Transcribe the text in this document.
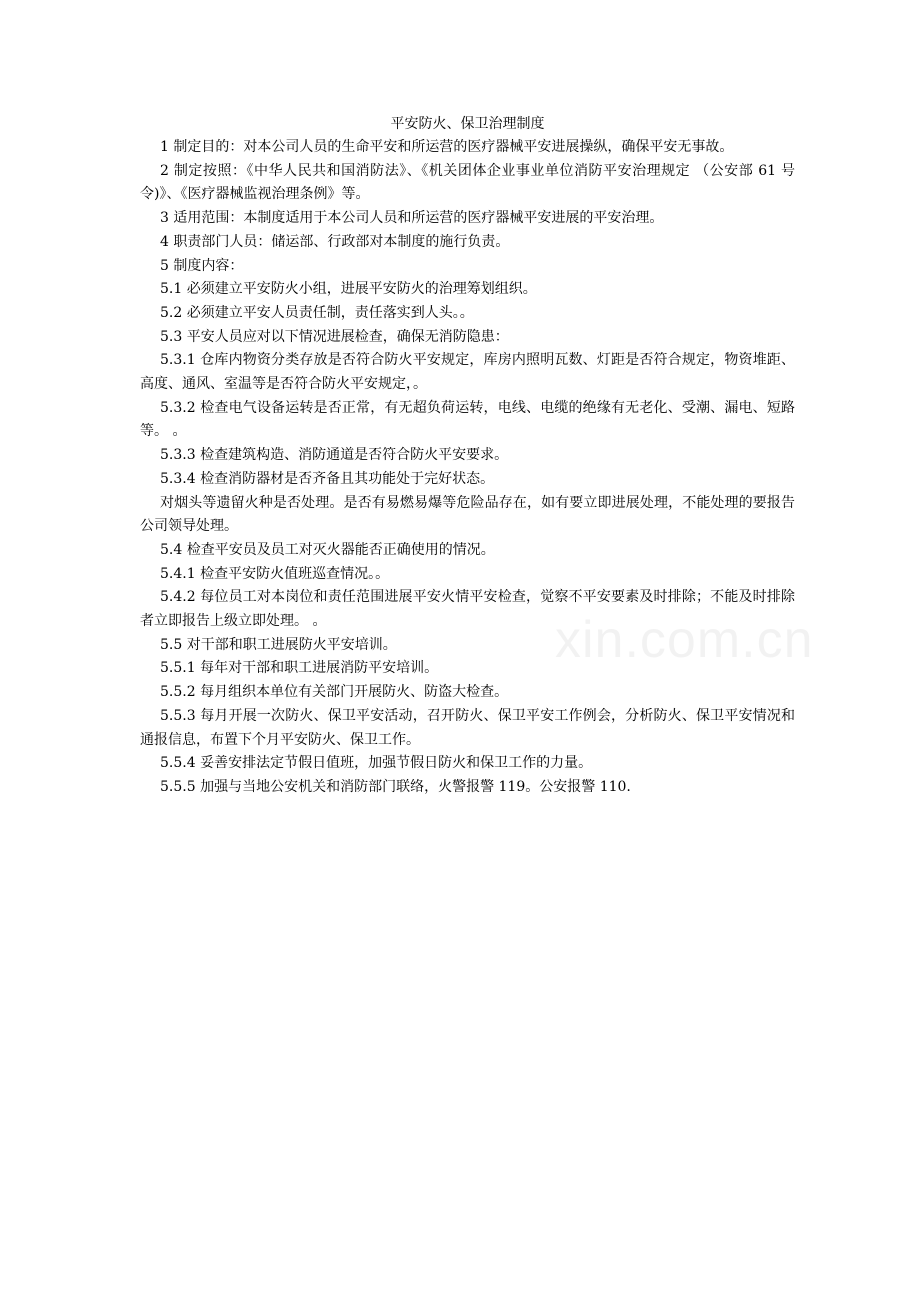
xin.com.cn
平安防火、保卫治理制度

1 制定目的：对本公司人员的生命平安和所运营的医疗器械平安进展操纵，确保平安无事故。

2 制定按照：《中华人民共和国消防法》、《机关团体企业事业单位消防平安治理规定 （公安部 61 号令)》、《医疗器械监视治理条例》等。

3 适用范围：本制度适用于本公司人员和所运营的医疗器械平安进展的平安治理。

4 职责部门人员：储运部、行政部对本制度的施行负责。

5 制度内容：

5.1 必须建立平安防火小组，进展平安防火的治理筹划组织。

5.2 必须建立平安人员责任制，责任落实到人头。。

5.3 平安人员应对以下情况进展检查，确保无消防隐患：

5.3.1 仓库内物资分类存放是否符合防火平安规定，库房内照明瓦数、灯距是否符合规定，物资堆距、高度、通风、室温等是否符合防火平安规定，。

5.3.2 检查电气设备运转是否正常，有无超负荷运转，电线、电缆的绝缘有无老化、受潮、漏电、短路等。 。

5.3.3 检查建筑构造、消防通道是否符合防火平安要求。

5.3.4 检查消防器材是否齐备且其功能处于完好状态。

对烟头等遗留火种是否处理。是否有易燃易爆等危险品存在，如有要立即进展处理，不能处理的要报告公司领导处理。

5.4 检查平安员及员工对灭火器能否正确使用的情况。

5.4.1 检查平安防火值班巡查情况。。

5.4.2 每位员工对本岗位和责任范围进展平安火情平安检查，觉察不平安要素及时排除；不能及时排除者立即报告上级立即处理。 。

5.5 对干部和职工进展防火平安培训。

5.5.1 每年对干部和职工进展消防平安培训。

5.5.2 每月组织本单位有关部门开展防火、防盗大检查。

5.5.3 每月开展一次防火、保卫平安活动，召开防火、保卫平安工作例会，分析防火、保卫平安情况和通报信息，布置下个月平安防火、保卫工作。

5.5.4 妥善安排法定节假日值班，加强节假日防火和保卫工作的力量。

5.5.5 加强与当地公安机关和消防部门联络，火警报警 119。公安报警 110.
